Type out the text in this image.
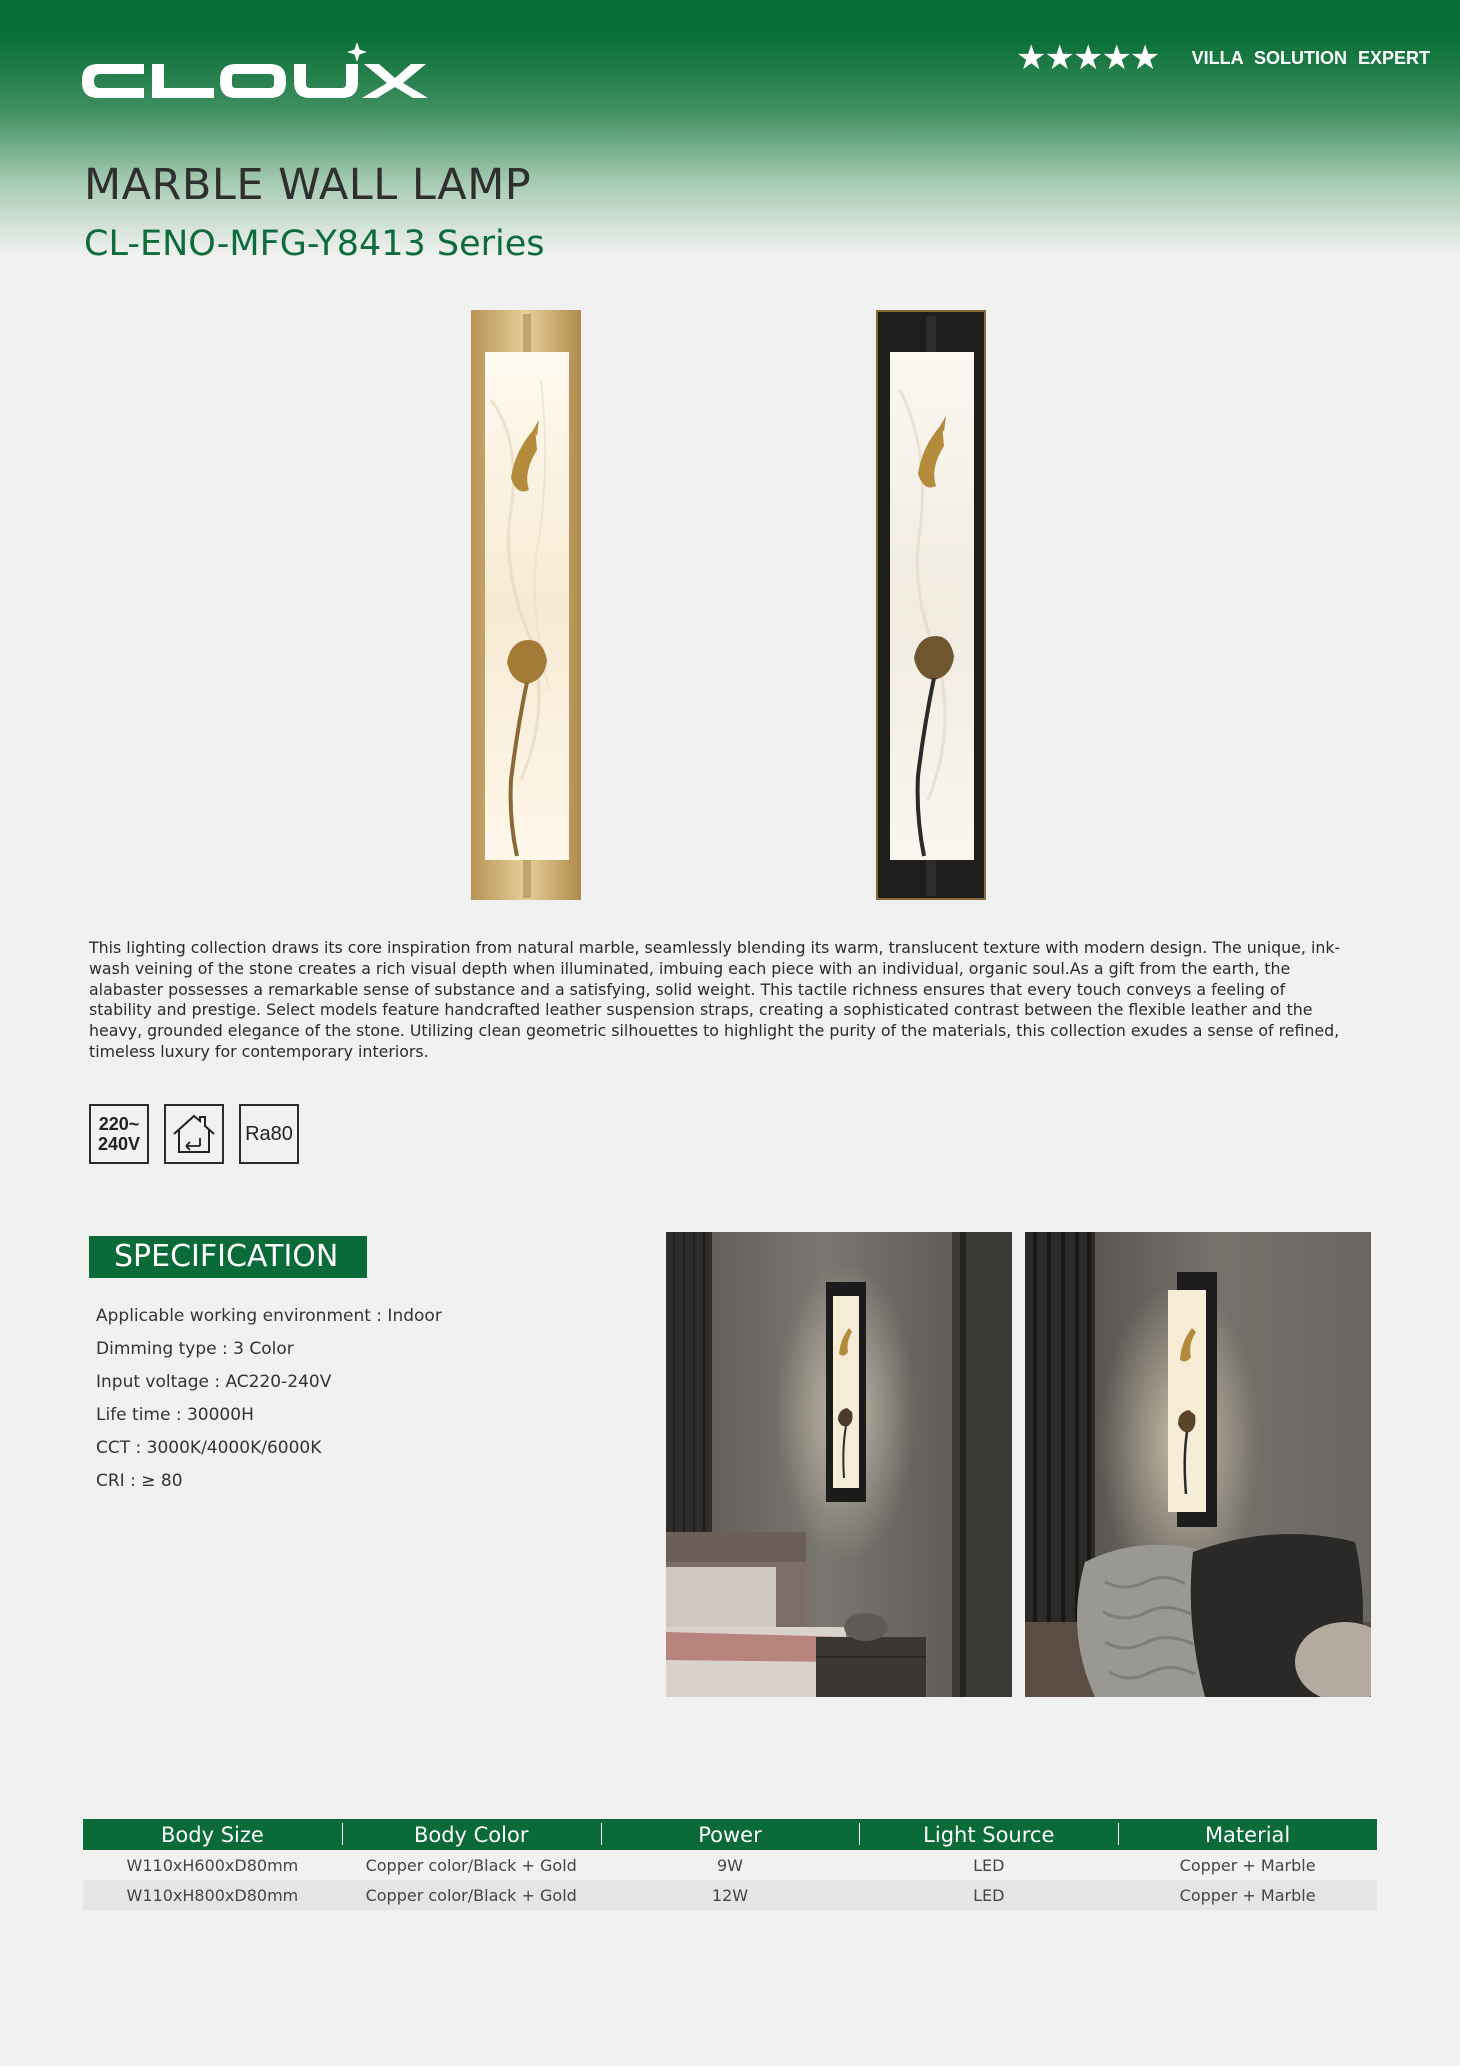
★★★★★	VILLA SOLUTION EXPERT
MARBLE WALL LAMP
CL-ENO-MFG-Y8413 Series

This lighting collection draws its core inspiration from natural marble, seamlessly blending its warm, translucent texture with modern design. The unique, ink-wash veining of the stone creates a rich visual depth when illuminated, imbuing each piece with an individual, organic soul.As a gift from the earth, the alabaster possesses a remarkable sense of substance and a satisfying, solid weight. This tactile richness ensures that every touch conveys a feeling of stability and prestige. Select models feature handcrafted leather suspension straps, creating a sophisticated contrast between the flexible leather and the heavy, grounded elegance of the stone. Utilizing clean geometric silhouettes to highlight the purity of the materials, this collection exudes a sense of refined, timeless luxury for contemporary interiors.

220~
240V	Ra80
SPECIFICATION
Applicable working environment : Indoor
Dimming type : 3 Color
Input voltage : AC220-240V
Life time : 30000H
CCT : 3000K/4000K/6000K
CRI : ≥ 80
Body Size	Body Color	Power	Light Source	Material
W110xH600xD80mm	Copper color/Black + Gold	9W	LED	Copper + Marble
W110xH800xD80mm	Copper color/Black + Gold	12W	LED	Copper + Marble
